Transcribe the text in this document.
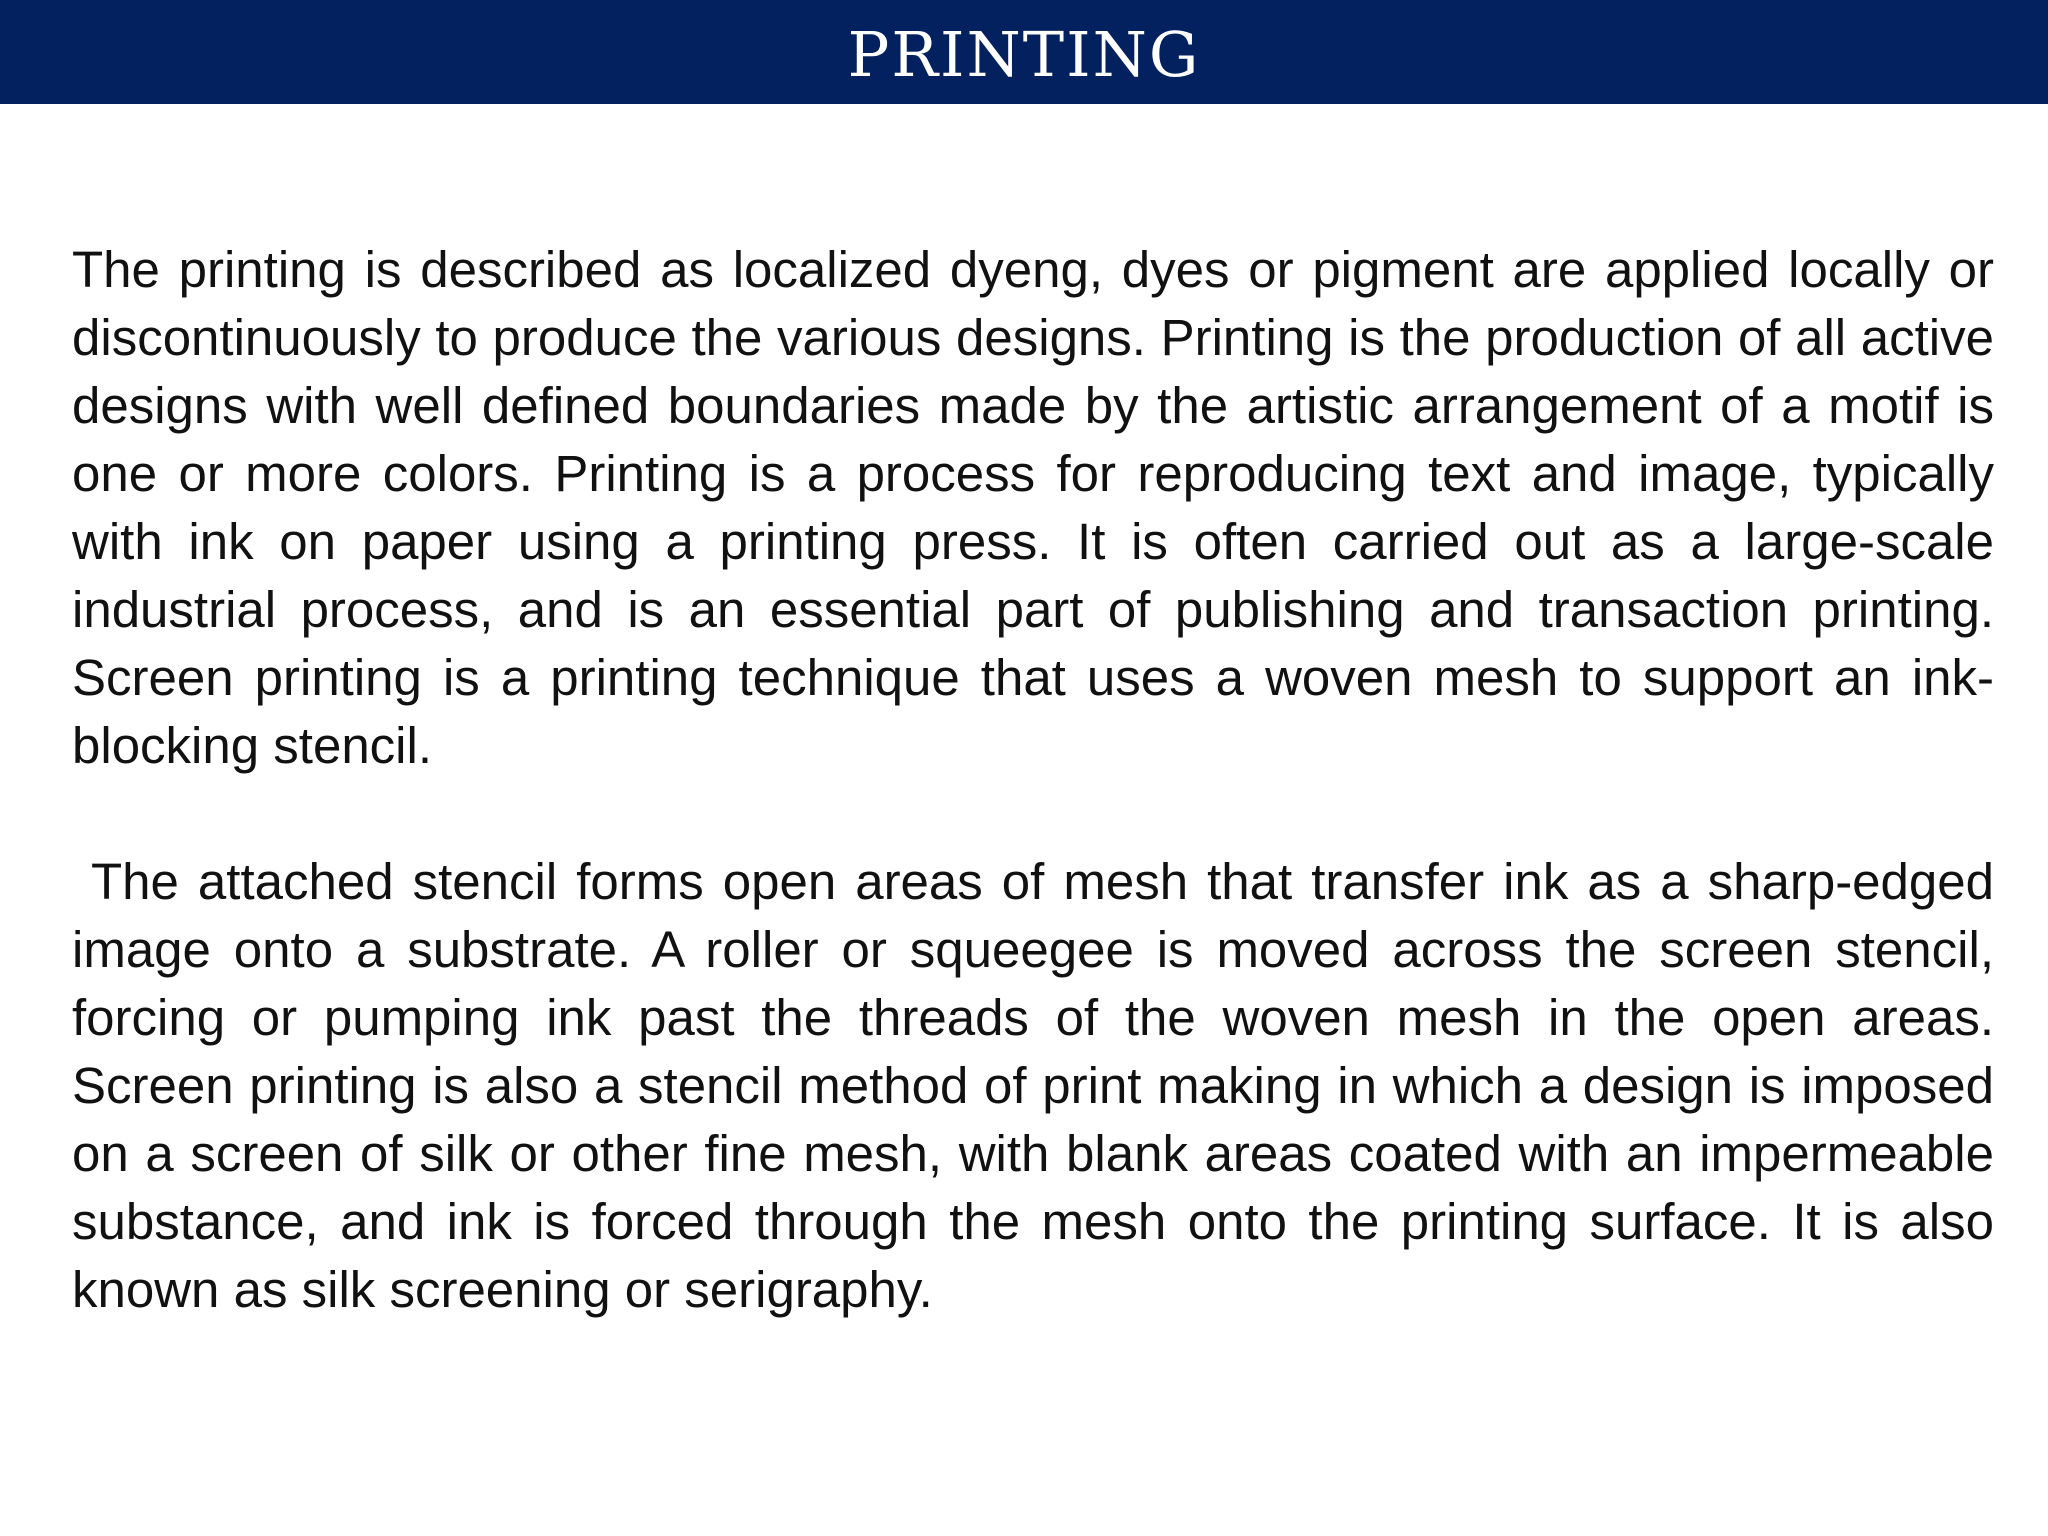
PRINTING

The printing is described as localized dyeng, dyes or pigment are applied locally or discontinuously to produce the various designs. Printing is the production of all active designs with well defined boundaries made by the artistic arrangement of a motif is one or more colors. Printing is a process for reproducing text and image, typically with ink on paper using a printing press. It is often carried out as a large-scale industrial process, and is an essential part of publishing and transaction printing. Screen printing is a printing technique that uses a woven mesh to support an ink-blocking stencil.

The attached stencil forms open areas of mesh that transfer ink as a sharp-edged image onto a substrate. A roller or squeegee is moved across the screen stencil, forcing or pumping ink past the threads of the woven mesh in the open areas. Screen printing is also a stencil method of print making in which a design is imposed on a screen of silk or other fine mesh, with blank areas coated with an impermeable substance, and ink is forced through the mesh onto the printing surface. It is also known as silk screening or serigraphy.
